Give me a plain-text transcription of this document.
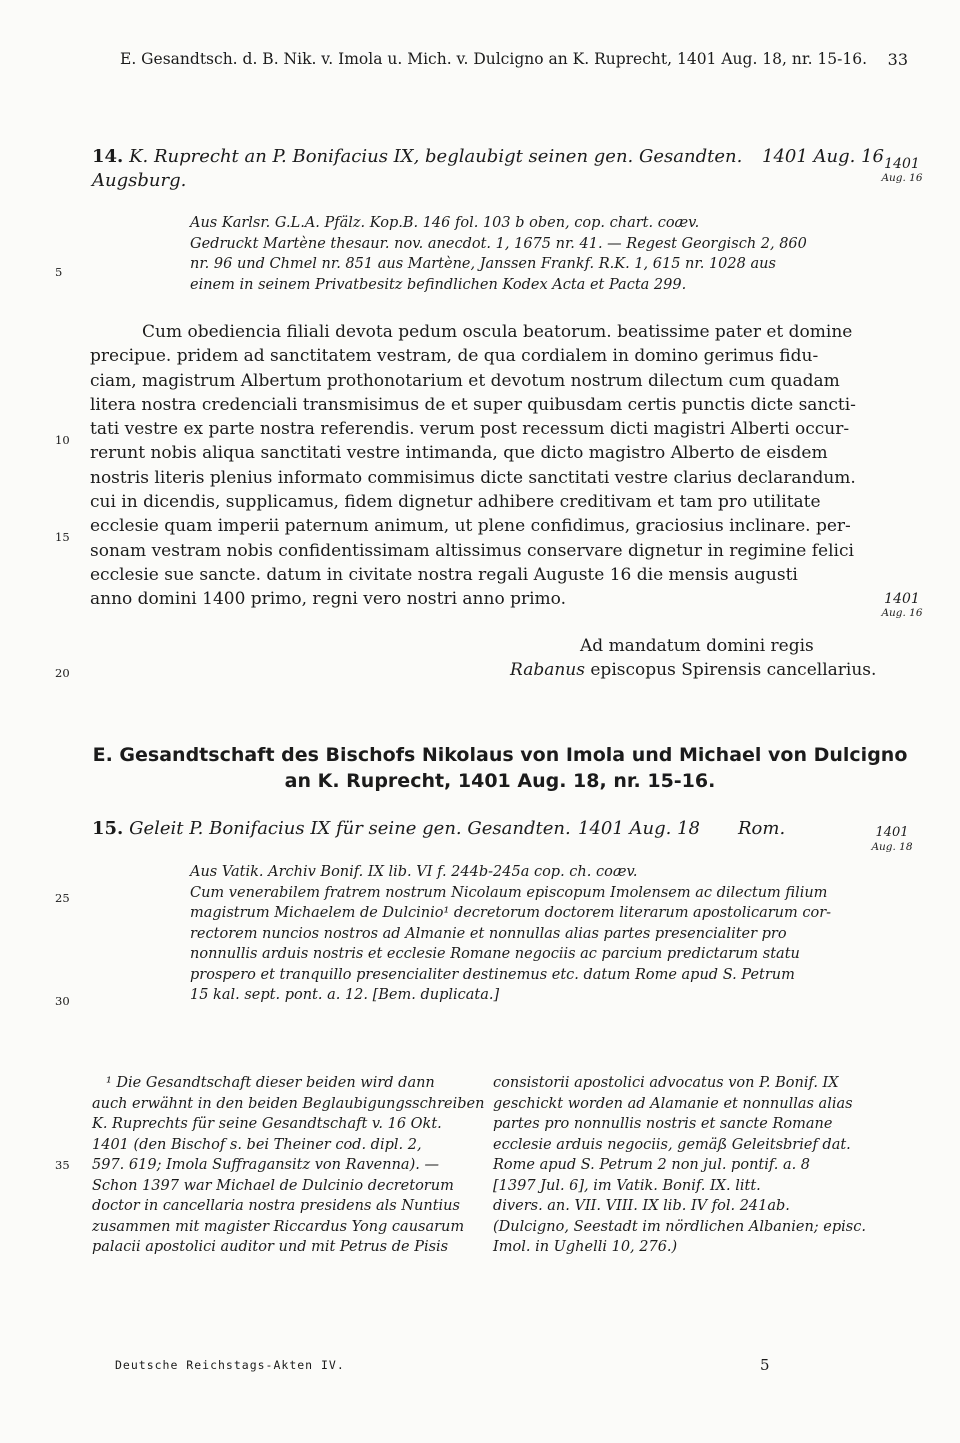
E. Gesandtsch. d. B. Nik. v. Imola u. Mich. v. Dulcigno an K. Ruprecht, 1401 Aug. 18, nr. 15-16. 33
14. K. Ruprecht an P. Bonifacius IX, beglaubigt seinen gen. Gesandten. 1401 Aug. 16
Augsburg.
1401
Aug. 16
Aus Karlsr. G.L.A. Pfälz. Kop.B. 146 fol. 103 b oben, cop. chart. coæv.
Gedruckt Martène thesaur. nov. anecdot. 1, 1675 nr. 41. — Regest Georgisch 2, 860
nr. 96 und Chmel nr. 851 aus Martène, Janssen Frankf. R.K. 1, 615 nr. 1028 aus
einem in seinem Privatbesitz befindlichen Kodex Acta et Pacta 299.
Cum obediencia filiali devota pedum oscula beatorum. beatissime pater et domine
precipue. pridem ad sanctitatem vestram, de qua cordialem in domino gerimus fidu-
ciam, magistrum Albertum prothonotarium et devotum nostrum dilectum cum quadam
litera nostra credenciali transmisimus de et super quibusdam certis punctis dicte sancti-
tati vestre ex parte nostra referendis. verum post recessum dicti magistri Alberti occur-
rerunt nobis aliqua sanctitati vestre intimanda, que dicto magistro Alberto de eisdem
nostris literis plenius informato commisimus dicte sanctitati vestre clarius declarandum.
cui in dicendis, supplicamus, fidem dignetur adhibere creditivam et tam pro utilitate
ecclesie quam imperii paternum animum, ut plene confidimus, graciosius inclinare. per-
sonam vestram nobis confidentissimam altissimus conservare dignetur in regimine felici
ecclesie sue sancte. datum in civitate nostra regali Auguste 16 die mensis augusti
anno domini 1400 primo, regni vero nostri anno primo.	1401
Aug. 16
Ad mandatum domini regis
Rabanus episcopus Spirensis cancellarius.
E. Gesandtschaft des Bischofs Nikolaus von Imola und Michael von Dulcigno
an K. Ruprecht, 1401 Aug. 18, nr. 15-16.
15. Geleit P. Bonifacius IX für seine gen. Gesandten. 1401 Aug. 18 Rom.	1401
Aug. 18
Aus Vatik. Archiv Bonif. IX lib. VI f. 244b-245a cop. ch. coæv.
Cum venerabilem fratrem nostrum Nicolaum episcopum Imolensem ac dilectum filium
magistrum Michaelem de Dulcinio¹ decretorum doctorem literarum apostolicarum cor-
rectorem nuncios nostros ad Almanie et nonnullas alias partes presencialiter pro
nonnullis arduis nostris et ecclesie Romane negociis ac parcium predictarum statu
prospero et tranquillo presencialiter destinemus etc. datum Rome apud S. Petrum
15 kal. sept. pont. a. 12. [Bem. duplicata.]
5
10
15
20
25
30
35
¹ Die Gesandtschaft dieser beiden wird dann
auch erwähnt in den beiden Beglaubigungsschreiben
K. Ruprechts für seine Gesandtschaft v. 16 Okt.
1401 (den Bischof s. bei Theiner cod. dipl. 2,
597. 619; Imola Suffragansitz von Ravenna). —
Schon 1397 war Michael de Dulcinio decretorum
doctor in cancellaria nostra presidens als Nuntius
zusammen mit magister Riccardus Yong causarum
palacii apostolici auditor und mit Petrus de Pisis
consistorii apostolici advocatus von P. Bonif. IX
geschickt worden ad Alamanie et nonnullas alias
partes pro nonnullis nostris et sancte Romane
ecclesie arduis negociis, gemäß Geleitsbrief dat.
Rome apud S. Petrum 2 non jul. pontif. a. 8
[1397 Jul. 6], im Vatik. Bonif. IX. litt.
divers. an. VII. VIII. IX lib. IV fol. 241ab.
(Dulcigno, Seestadt im nördlichen Albanien; episc.
Imol. in Ughelli 10, 276.)
Deutsche Reichstags-Akten IV.	5
